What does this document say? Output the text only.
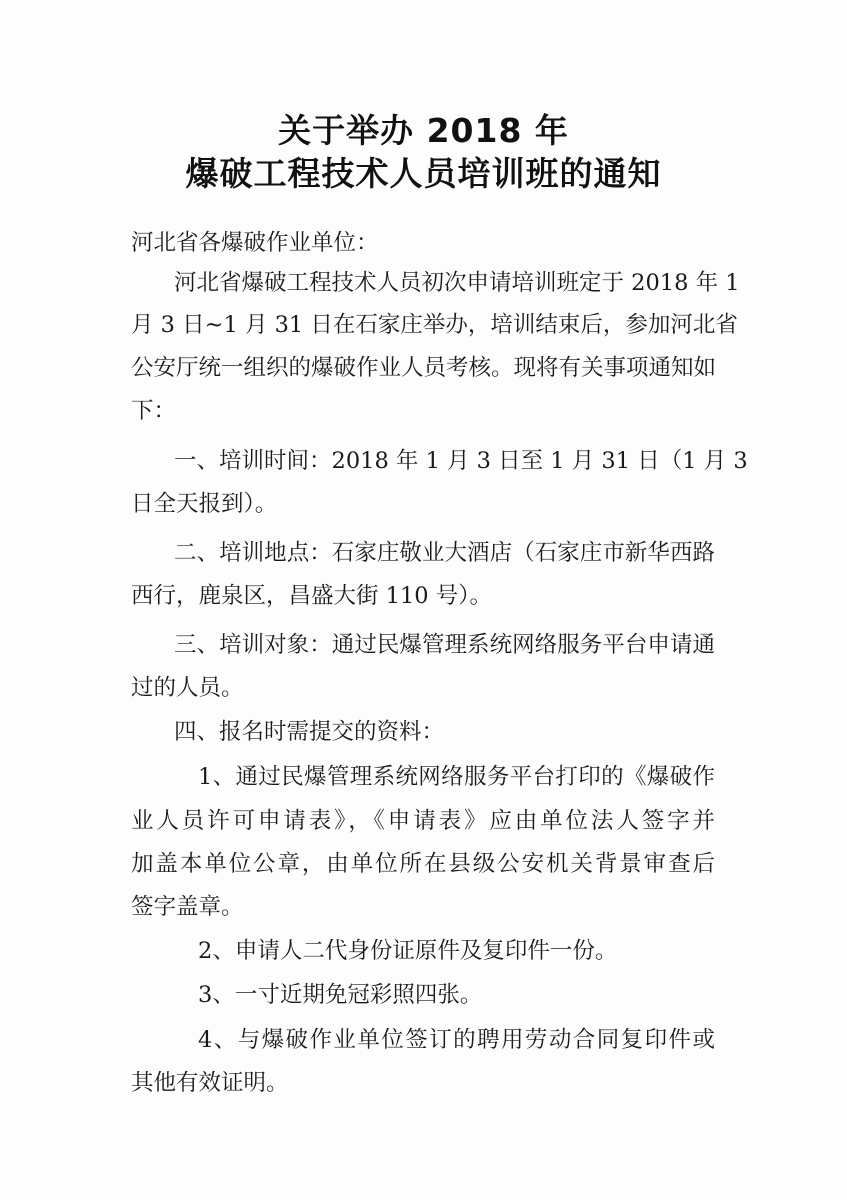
关于举办 2018 年
爆破工程技术人员培训班的通知

河北省各爆破作业单位：

河北省爆破工程技术人员初次申请培训班定于 2018 年 1

月 3 日~1 月 31 日在石家庄举办，培训结束后，参加河北省

公安厅统一组织的爆破作业人员考核。现将有关事项通知如

下：

一、培训时间：2018 年 1 月 3 日至 1 月 31 日（1 月 3

日全天报到）。

二、培训地点：石家庄敬业大酒店（石家庄市新华西路

西行，鹿泉区，昌盛大街 110 号）。

三、培训对象：通过民爆管理系统网络服务平台申请通

过的人员。

四、报名时需提交的资料：

1、通过民爆管理系统网络服务平台打印的《爆破作

业人员许可申请表》，《申请表》应由单位法人签字并

加盖本单位公章，由单位所在县级公安机关背景审查后

签字盖章。

2、申请人二代身份证原件及复印件一份。

3、一寸近期免冠彩照四张。

4、与爆破作业单位签订的聘用劳动合同复印件或

其他有效证明。
